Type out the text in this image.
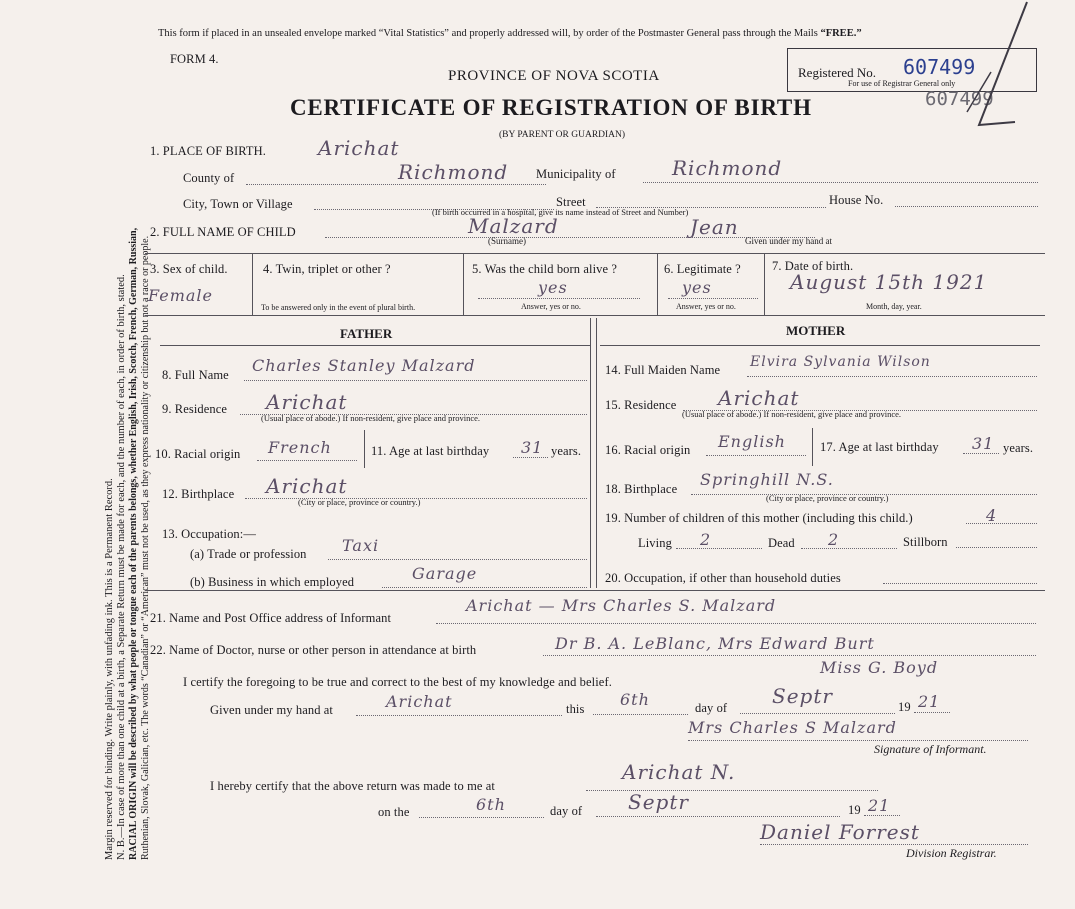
Margin reserved for binding. Write plainly, with unfading ink. This is a Permanent Record. N. B.—In case of more than one child at a birth, a Separate Return must be made for each, and the number of each, in order of birth, stated. RACIAL ORIGIN will be described by what people or tongue each of the parents belongs, whether English, Irish, Scotch, French, German, Russian, Ruthenian, Slovak, Galician, etc. The words “Canadian” or “American” must not be used, as they express nationality or citizenship but not a race or people.
This form if placed in an unsealed envelope marked “Vital Statistics” and properly addressed will, by order of the Postmaster General pass through the Mails “FREE.”
FORM 4.
PROVINCE OF NOVA SCOTIA
CERTIFICATE OF REGISTRATION OF BIRTH
(BY PARENT OR GUARDIAN)
Registered No. 607499
For use of Registrar General only
607499
1. PLACE OF BIRTH.	Arichat
County of	Richmond Municipality of	Richmond
City, Town or Village	Street	House No.
(If birth occurred in a hospital, give its name instead of Street and Number)
2. FULL NAME OF CHILD	Malzard
(Surname)
Jean
Given under my hand at
3. Sex of child.
Female
4. Twin, triplet or other ?
To be answered only in the event of plural birth.
5. Was the child born alive ?
yes
Answer, yes or no.
6. Legitimate ?
yes
Answer, yes or no.
7. Date of birth.
August 15th 1921
Month, day, year.
FATHER	MOTHER
8. Full Name Charles Stanley Malzard
9. Residence Arichat
(Usual place of abode.) If non-resident, give place and province.
10. Racial origin French	11. Age at last birthday 31 years.
12. Birthplace Arichat
(City or place, province or country.)
13. Occupation:—
(a) Trade or profession Taxi
(b) Business in which employed	Garage
14. Full Maiden Name Elvira Sylvania Wilson
15. Residence Arichat
(Usual place of abode.) If non-resident, give place and province.
16. Racial origin English	17. Age at last birthday 31 years.
18. Birthplace Springhill N.S.
(City or place, province or country.)
19. Number of children of this mother (including this child.)	4
Living 2	Dead 2	Stillborn
20. Occupation, if other than household duties
21. Name and Post Office address of Informant
Arichat — Mrs Charles S. Malzard
22. Name of Doctor, nurse or other person in attendance at birth	Dr B. A. LeBlanc, Mrs Edward Burt
Miss G. Boyd
I certify the foregoing to be true and correct to the best of my knowledge and belief.
Given under my hand at	Arichat	this 6th	day of Septr	19 21
Mrs Charles S Malzard
Signature of Informant.
I hereby certify that the above return was made to me at
Arichat N.
on the	6th	day of Septr	19 21
Daniel Forrest
Division Registrar.
